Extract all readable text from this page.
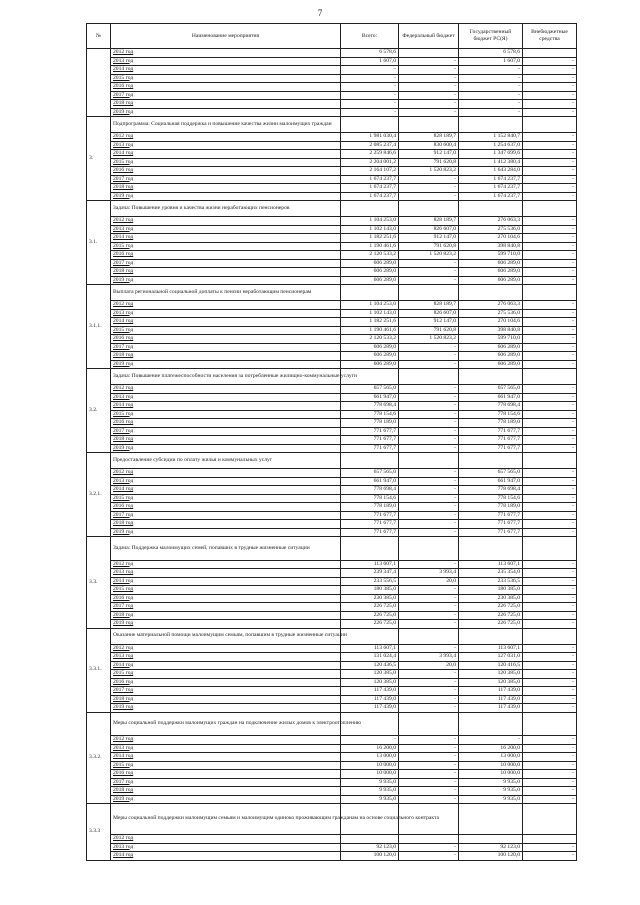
7
№	Наименование мероприятия	Всего:	Федеральный бюджет	Государственный бюджет РС(Я)	Внебюджетные средства
	2012 год	6 578,6		6 578,6	
	2013 год	1 607,0	-	1 607,0	-
	2014 год	-	-	-	-
	2015 год	-	-	-	-
	2016 год	-	-	-	-
	2017 год	-	-	-	-
	2018 год	-	-	-	-
	2019 год	-	-	-	-
3.	Подпрограмма: Социальная поддержка и повышение качества жизни малоимущих граждан				
	2012 год	1 981 030,4	828 189,7	1 152 840,7	-
	2013 год	2 085 237,4	830 600,4	1 254 637,0	-
	2014 год	2 259 846,6	912 147,0	1 347 699,6	-
	2015 год	2 204 001,2	791 620,8	1 412 380,4	-
	2016 год	2 164 107,2	1 520 823,2	1 643 284,0	-
	2017 год	1 674 237,7	-	1 674 237,7	-
	2018 год	1 674 237,7	-	1 674 237,7	-
	2019 год	1 674 237,7	-	1 674 237,7	-
3.1.	Задача: Повышение уровня и качества жизни неработающих пенсионеров				
	2012 год	1 104 253,0	828 189,7	276 063,3	-
	2013 год	1 102 143,0	826 607,0	275 536,0	-
	2014 год	1 182 251,6	912 147,0	270 104,6	-
	2015 год	1 190 461,6	791 620,8	398 840,8	-
	2016 год	2 120 533,2	1 520 823,2	599 710,0	-
	2017 год	606 289,0	-	606 289,0	-
	2018 год	606 289,0	-	606 289,0	-
	2019 год	606 289,0	-	606 289,0	-
3.1.1.	Выплата региональной социальной доплаты к пенсии неработающим пенсионерам				
	2012 год	1 104 253,0	828 189,7	276 063,3	-
	2013 год	1 102 143,0	826 607,0	275 536,0	-
	2014 год	1 182 251,6	912 147,0	270 104,6	-
	2015 год	1 190 461,6	791 620,8	398 840,8	-
	2016 год	2 120 533,2	1 520 823,2	599 710,0	-
	2017 год	606 289,0	-	606 289,0	-
	2018 год	606 289,0	-	606 289,0	-
	2019 год	606 289,0	-	606 289,0	-
3.2.	Задача: Повышение платежеспособности населения за потребленные жилищно-коммунальные услуги				
	2012 год	657 565,0	-	657 565,0	-
	2013 год	661 947,0	-	661 947,0	-
	2014 год	778 698,4	-	778 698,4	-
	2015 год	778 154,6	-	778 154,6	-
	2016 год	778 189,0	-	778 189,0	-
	2017 год	771 677,7	-	771 677,7	-
	2018 год	771 677,7	-	771 677,7	-
	2019 год	771 677,7	-	771 677,7	-
3.2.1.	Предоставление субсидии по оплату жилья и коммунальных услуг				
	2012 год	657 565,0	-	657 565,0	-
	2013 год	661 947,0	-	661 947,0	-
	2014 год	778 698,4	-	778 698,4	-
	2015 год	778 154,6	-	778 154,6	-
	2016 год	778 189,0	-	778 189,0	-
	2017 год	771 677,7	-	771 677,7	-
	2018 год	771 677,7	-	771 677,7	-
	2019 год	771 677,7	-	771 677,7	-
3.3.	Задача: Поддержка малоимущих семей, попавших в трудные жизненные ситуации				
	2012 год	113 607,1	-	113 607,1	-
	2013 год	239 347,4	3 993,4	235 354,0	-
	2014 год	233 556,5	20,0	233 536,5	-
	2015 год	180 385,0	-	180 385,0	-
	2016 год	230 385,0	-	230 385,0	-
	2017 год	226 725,0	-	226 725,0	-
	2018 год	226 725,0	-	226 725,0	-
	2019 год	226 725,0	-	226 725,0	-
3.3.1.	Оказание материальной помощи малоимущим семьям, попавшим в трудные жизненные ситуации				
	2012 год	113 607,1	-	113 607,1	-
	2013 год	131 024,4	3 993,4	127 031,0	-
	2014 год	120 436,5	20,0	120 416,5	-
	2015 год	120 385,0	-	120 385,0	-
	2016 год	120 385,0	-	120 385,0	-
	2017 год	117 439,0	-	117 439,0	-
	2018 год	117 439,0	-	117 439,0	-
	2019 год	117 439,0	-	117 439,0	-
3.3.2.	Меры социальной поддержки малоимущих граждан на подключение жилых домов к электроотоплению				
	2012 год	-	-	-	-
	2013 год	16 200,0	-	16 200,0	-
	2014 год	13 000,0	-	13 000,0	-
	2015 год	10 000,0	-	10 000,0	-
	2016 год	10 000,0	-	10 000,0	-
	2017 год	9 935,0	-	9 935,0	-
	2018 год	9 935,0	-	9 935,0	-
	2019 год	9 935,0	-	9 935,0	-
3.3.3	Меры социальной поддержки малоимущим семьям и малоимущим одиноко проживающим гражданам на основе социального контракта				
	2012 год				
	2013 год	92 123,0	-	92 123,0	-
	2014 год	100 120,0	-	100 120,0	-
